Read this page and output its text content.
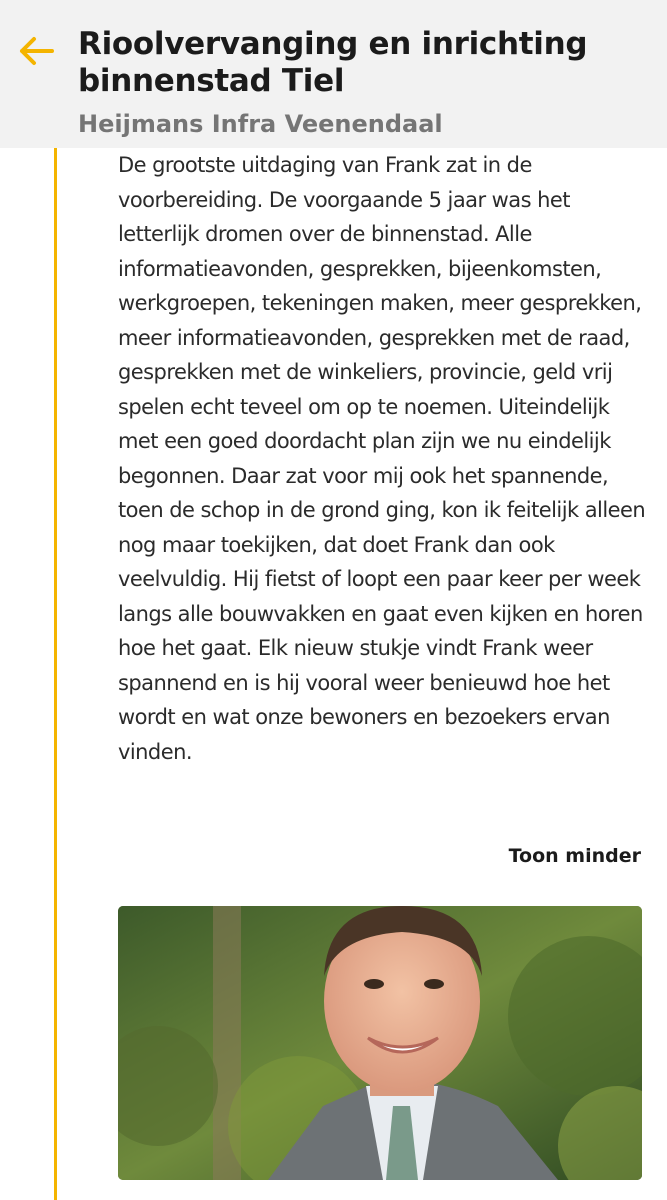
De grootste uitdaging van Frank zat in de voorbereiding. De voorgaande 5 jaar was het letterlijk dromen over de binnenstad. Alle informatieavonden, gesprekken, bijeenkomsten, werkgroepen, tekeningen maken, meer gesprekken, meer informatieavonden, gesprekken met de raad, gesprekken met de winkeliers, provincie, geld vrij spelen echt teveel om op te noemen. Uiteindelijk met een goed doordacht plan zijn we nu eindelijk begonnen. Daar zat voor mij ook het spannende, toen de schop in de grond ging, kon ik feitelijk alleen nog maar toekijken, dat doet Frank dan ook veelvuldig. Hij fietst of loopt een paar keer per week langs alle bouwvakken en gaat even kijken en horen hoe het gaat. Elk nieuw stukje vindt Frank weer spannend en is hij vooral weer benieuwd hoe het wordt en wat onze bewoners en bezoekers ervan vinden.

Toon minder
Rioolvervanging en inrichting binnenstad Tiel
Heijmans Infra Veenendaal
